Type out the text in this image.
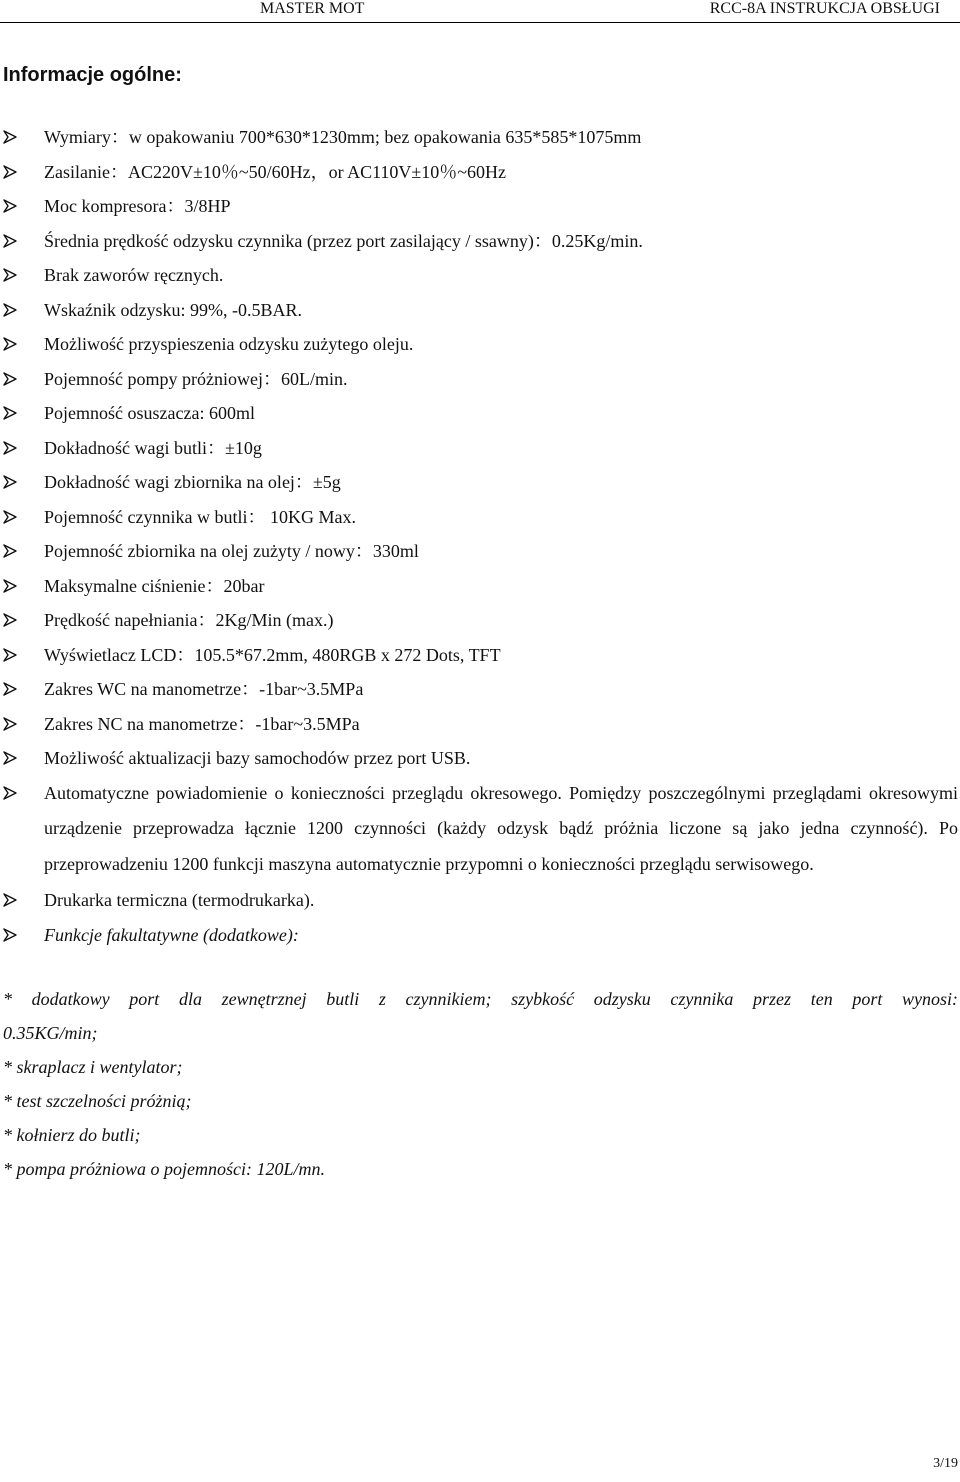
MASTER MOT	RCC-8A INSTRUKCJA OBSŁUGI
Informacje ogólne:
Wymiary：w opakowaniu 700*630*1230mm; bez opakowania 635*585*1075mm
Zasilanie：AC220V±10％~50/60Hz，or AC110V±10％~60Hz
Moc kompresora：3/8HP
Średnia prędkość odzysku czynnika (przez port zasilający / ssawny)：0.25Kg/min.
Brak zaworów ręcznych.
Wskaźnik odzysku: 99%, -0.5BAR.
Możliwość przyspieszenia odzysku zużytego oleju.
Pojemność pompy próżniowej：60L/min.
Pojemność osuszacza: 600ml
Dokładność wagi butli：±10g
Dokładność wagi zbiornika na olej：±5g
Pojemność czynnika w butli： 10KG Max.
Pojemność zbiornika na olej zużyty / nowy：330ml
Maksymalne ciśnienie：20bar
Prędkość napełniania：2Kg/Min (max.)
Wyświetlacz LCD：105.5*67.2mm, 480RGB x 272 Dots, TFT
Zakres WC na manometrze：-1bar~3.5MPa
Zakres NC na manometrze：-1bar~3.5MPa
Możliwość aktualizacji bazy samochodów przez port USB.
Automatyczne powiadomienie o konieczności przeglądu okresowego. Pomiędzy poszczególnymi przeglądami okresowymi urządzenie przeprowadza łącznie 1200 czynności (każdy odzysk bądź próżnia liczone są jako jedna czynność). Po przeprowadzeniu 1200 funkcji maszyna automatycznie przypomni o konieczności przeglądu serwisowego.
Drukarka termiczna (termodrukarka).
Funkcje fakultatywne (dodatkowe):
* dodatkowy port dla zewnętrznej butli z czynnikiem; szybkość odzysku czynnika przez ten port wynosi:
0.35KG/min;
* skraplacz i wentylator;
* test szczelności próżnią;
* kołnierz do butli;
* pompa próżniowa o pojemności: 120L/mn.
3/19
